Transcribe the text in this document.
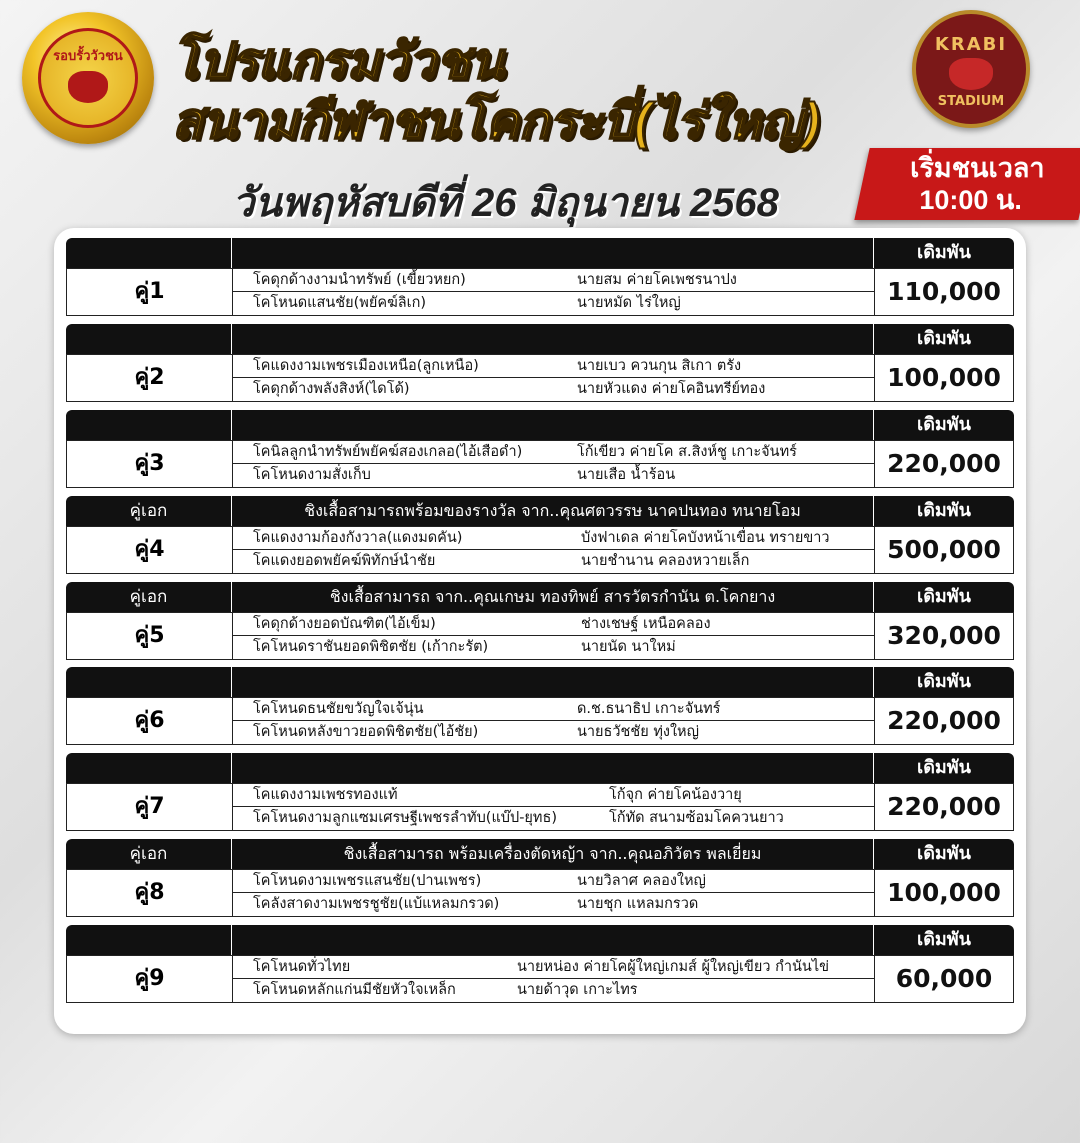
รอบรั้ววัวชน โปรแกรมวัวชน
สนามกีฬาชนโคกระบี่(ไร่ใหญ่)
KRABI
STADIUM
วันพฤหัสบดีที่ 26 มิถุนายน 2568
เริ่มชนเวลา
10:00 น.
เดิมพัน
คู่1	โคดุกด้างงามนำทรัพย์ (เขี้ยวหยก)	นายสม ค่ายโคเพชรนาปง
โคโหนดแสนชัย(พยัคฆ์ลิเก)	นายหมัด ไร่ใหญ่	110,000
เดิมพัน
คู่2	โคแดงงามเพชรเมืองเหนือ(ลูกเหนือ)	นายเบว ควนกุน สิเกา ตรัง
โคดุกด้างพลังสิงห์(ไดโด้)	นายหัวแดง ค่ายโคอินทรีย์ทอง	100,000
เดิมพัน
คู่3	โคนิลลูกนำทรัพย์พยัคฆ์สองเกลอ(ไอ้เสือดำ)	โก้เขียว ค่ายโค ส.สิงห์ชู เกาะจันทร์
โคโหนดงามสั่งเก็บ	นายเสือ น้ำร้อน	220,000
คู่เอก	ชิงเสื้อสามารถพร้อมของรางวัล จาก..คุณศตวรรษ นาคปนทอง ทนายโอม	เดิมพัน
คู่4	โคแดงงามก้องกังวาล(แดงมดคัน)	บังฟาเดล ค่ายโคบังหน้าเขื่อน ทรายขาว
โคแดงยอดพยัคฆ์พิทักษ์นำชัย	นายชำนาน คลองหวายเล็ก	500,000
คู่เอก	ชิงเสื้อสามารถ จาก..คุณเกษม ทองทิพย์ สารวัตรกำนัน ต.โคกยาง	เดิมพัน
คู่5	โคดุกด้างยอดบัณฑิต(ไอ้เข็ม)	ช่างเชษฐ์ เหนือคลอง
โคโหนดราชันยอดพิชิตชัย (เก้ากะรัต)	นายนัด นาใหม่	320,000
เดิมพัน
คู่6	โคโหนดธนชัยขวัญใจเจ้นุ่น	ด.ช.ธนาธิป เกาะจันทร์
โคโหนดหลังขาวยอดพิชิตชัย(ไอ้ชัย)	นายธวัชชัย ทุ่งใหญ่	220,000
เดิมพัน
คู่7	โคแดงงามเพชรทองแท้	โก้จุก ค่ายโคน้องวายุ
โคโหนดงามลูกแซมเศรษฐีเพชรลำทับ(แบ๊ป-ยุทธ)	โก้ทัด สนามซ้อมโคควนยาว	220,000
คู่เอก	ชิงเสื้อสามารถ พร้อมเครื่องตัดหญ้า จาก..คุณอภิวัตร พลเยี่ยม	เดิมพัน
คู่8	โคโหนดงามเพชรแสนชัย(ปานเพชร)	นายวิลาศ คลองใหญ่
โคลังสาดงามเพชรชูชัย(แบ้แหลมกรวด)	นายชุก แหลมกรวด	100,000
เดิมพัน
คู่9	โคโหนดทั่วไทย	นายหน่อง ค่ายโคผู้ใหญ่เกมส์ ผู้ใหญ่เขียว กำนันไข่
โคโหนดหลักแก่นมีชัยหัวใจเหล็ก	นายด้าวุด เกาะไทร	60,000
